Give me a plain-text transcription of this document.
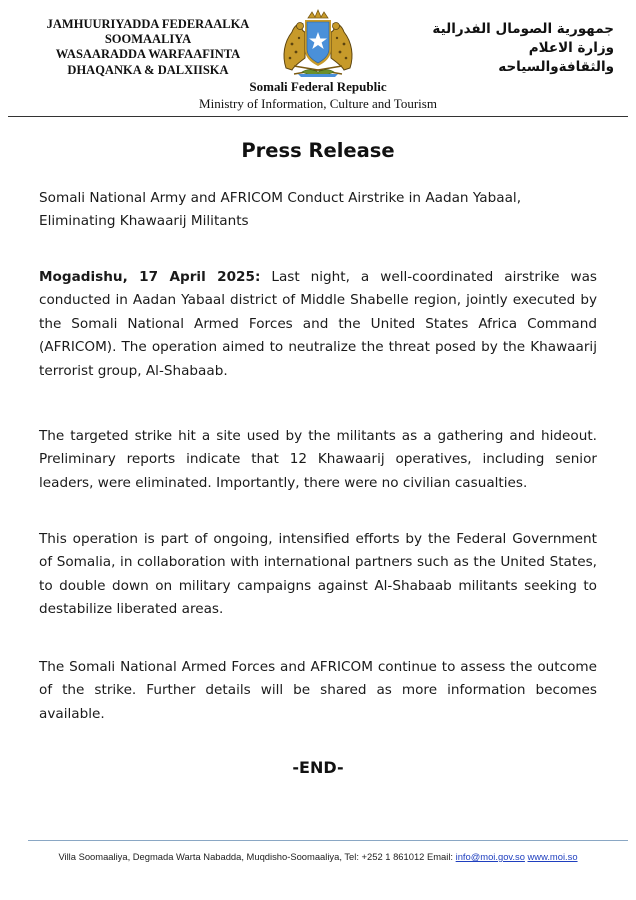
JAMHUURIYADDA FEDERAALKA
SOOMAALIYA
WASAARADDA WARFAAFINTA
DHAQANKA & DALXIISKA
جمهورية الصومال الفدرالية
وزارة الاعلام
والثقافةوالسياحه
Somali Federal Republic
Ministry of Information, Culture and Tourism
Press Release
Somali National Army and AFRICOM Conduct Airstrike in Aadan Yabaal, Eliminating Khawaarij Militants
Mogadishu, 17 April 2025: Last night, a well-coordinated airstrike was conducted in Aadan Yabaal district of Middle Shabelle region, jointly executed by the Somali National Armed Forces and the United States Africa Command (AFRICOM). The operation aimed to neutralize the threat posed by the Khawaarij terrorist group, Al-Shabaab.
The targeted strike hit a site used by the militants as a gathering and hideout. Preliminary reports indicate that 12 Khawaarij operatives, including senior leaders, were eliminated. Importantly, there were no civilian casualties.
This operation is part of ongoing, intensified efforts by the Federal Government of Somalia, in collaboration with international partners such as the United States, to double down on military campaigns against Al-Shabaab militants seeking to destabilize liberated areas.
The Somali National Armed Forces and AFRICOM continue to assess the outcome of the strike. Further details will be shared as more information becomes available.
-END-
Villa Soomaaliya, Degmada Warta Nabadda, Muqdisho-Soomaaliya, Tel: +252 1 861012 Email: info@moi.gov.so www.moi.so
